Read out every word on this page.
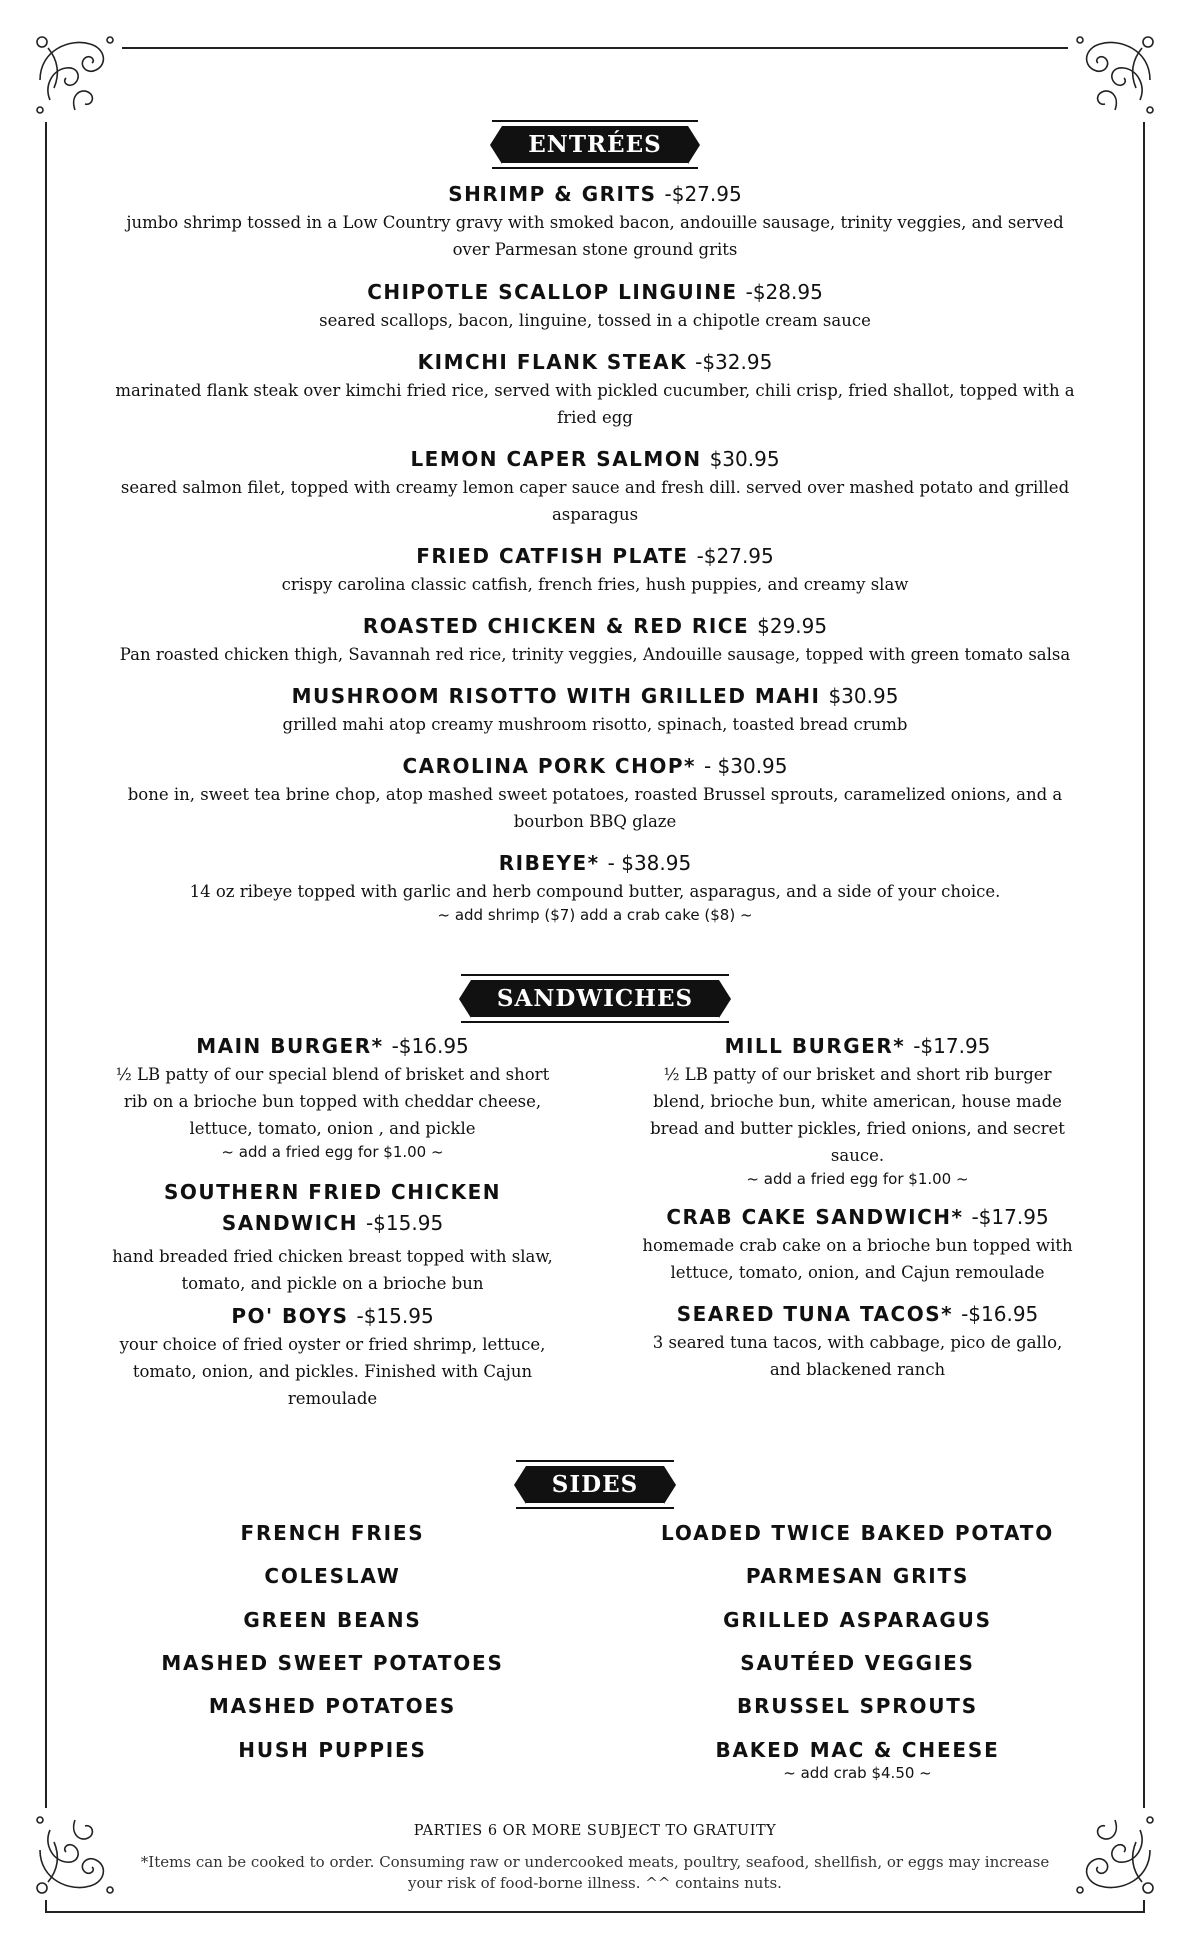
ENTRÉES
SHRIMP & GRITS -$27.95
jumbo shrimp tossed in a Low Country gravy with smoked bacon, andouille sausage, trinity veggies, and served over Parmesan stone ground grits
CHIPOTLE SCALLOP LINGUINE -$28.95
seared scallops, bacon, linguine, tossed in a chipotle cream sauce
KIMCHI FLANK STEAK -$32.95
marinated flank steak over kimchi fried rice, served with pickled cucumber, chili crisp, fried shallot, topped with a fried egg
LEMON CAPER SALMON $30.95
seared salmon filet, topped with creamy lemon caper sauce and fresh dill. served over mashed potato and grilled asparagus
FRIED CATFISH PLATE -$27.95
crispy carolina classic catfish, french fries, hush puppies, and creamy slaw
ROASTED CHICKEN & RED RICE $29.95
Pan roasted chicken thigh, Savannah red rice, trinity veggies, Andouille sausage, topped with green tomato salsa
MUSHROOM RISOTTO WITH GRILLED MAHI $30.95
grilled mahi atop creamy mushroom risotto, spinach, toasted bread crumb
CAROLINA PORK CHOP* - $30.95
bone in, sweet tea brine chop, atop mashed sweet potatoes, roasted Brussel sprouts, caramelized onions, and a bourbon BBQ glaze
RIBEYE* - $38.95
14 oz ribeye topped with garlic and herb compound butter, asparagus, and a side of your choice.
~ add shrimp ($7) add a crab cake ($8) ~
SANDWICHES
MAIN BURGER* -$16.95
½ LB patty of our special blend of brisket and short rib on a brioche bun topped with cheddar cheese, lettuce, tomato, onion , and pickle
~ add a fried egg for $1.00 ~
SOUTHERN FRIED CHICKEN SANDWICH -$15.95
hand breaded fried chicken breast topped with slaw, tomato, and pickle on a brioche bun
PO' BOYS -$15.95
your choice of fried oyster or fried shrimp, lettuce, tomato, onion, and pickles. Finished with Cajun remoulade
MILL BURGER* -$17.95
½ LB patty of our brisket and short rib burger blend, brioche bun, white american, house made bread and butter pickles, fried onions, and secret sauce.
~ add a fried egg for $1.00 ~
CRAB CAKE SANDWICH* -$17.95
homemade crab cake on a brioche bun topped with lettuce, tomato, onion, and Cajun remoulade
SEARED TUNA TACOS* -$16.95
3 seared tuna tacos, with cabbage, pico de gallo, and blackened ranch
SIDES
FRENCH FRIES
COLESLAW
GREEN BEANS
MASHED SWEET POTATOES
MASHED POTATOES
HUSH PUPPIES
LOADED TWICE BAKED POTATO
PARMESAN GRITS
GRILLED ASPARAGUS
SAUTÉED VEGGIES
BRUSSEL SPROUTS
BAKED MAC & CHEESE
~ add crab $4.50 ~
PARTIES 6 OR MORE SUBJECT TO GRATUITY
*Items can be cooked to order. Consuming raw or undercooked meats, poultry, seafood, shellfish, or eggs may increase your risk of food-borne illness. ^^ contains nuts.
